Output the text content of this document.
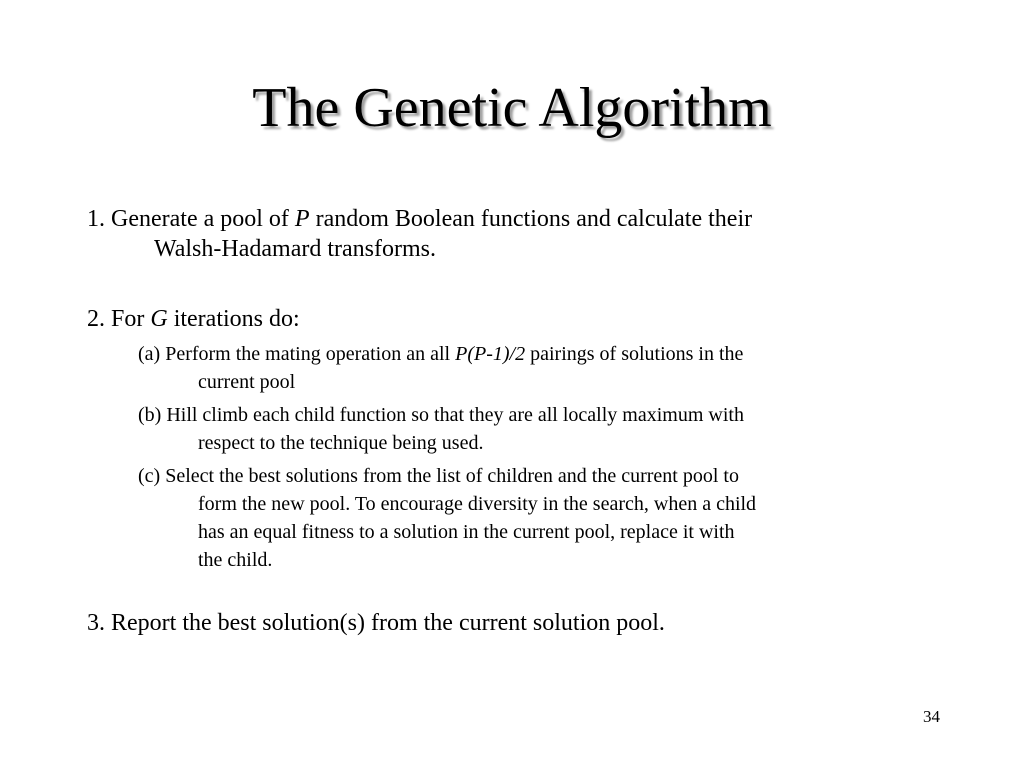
The Genetic Algorithm
1. Generate a pool of P random Boolean functions and calculate their
Walsh-Hadamard transforms.
2. For G iterations do:
(a) Perform the mating operation an all P(P-1)/2 pairings of solutions in the
current pool
(b) Hill climb each child function so that they are all locally maximum with
respect to the technique being used.
(c) Select the best solutions from the list of children and the current pool to
form the new pool. To encourage diversity in the search, when a child
has an equal fitness to a solution in the current pool, replace it with
the child.
3. Report the best solution(s) from the current solution pool.
34
